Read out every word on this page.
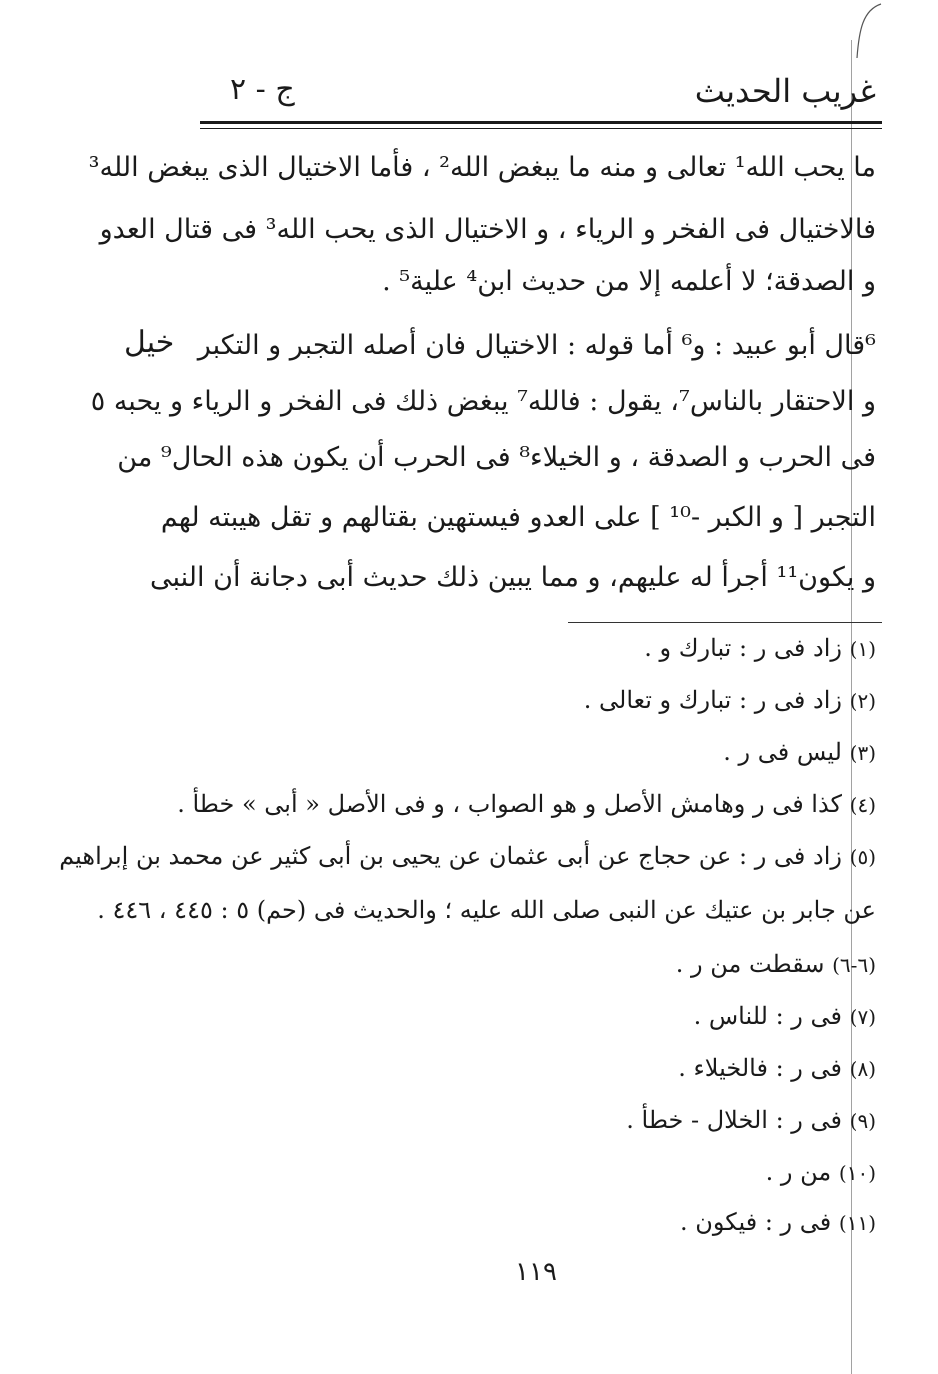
غريب الحديث
ج - ٢
ما يحب الله¹ تعالى و منه ما يبغض الله² ، فأما الاختيال الذى يبغض الله³
فالاختيال فى الفخر و الرياء ، و الاختيال الذى يحب الله³ فى قتال العدو
و الصدقة؛ لا أعلمه إلا من حديث ابن⁴ علية⁵ .
⁶قال أبو عبيد : و⁶ أما قوله : الاختيال فان أصله التجبر و التكبر
و الاحتقار بالناس⁷، يقول : فالله⁷ يبغض ذلك فى الفخر و الرياء و يحبه ٥
فى الحرب و الصدقة ، و الخيلاء⁸ فى الحرب أن يكون هذه الحال⁹ من
التجبر [ و الكبر -¹⁰ ] على العدو فيستهين بقتالهم و تقل هيبته لهم
و يكون¹¹ أجرأ له عليهم، و مما يبين ذلك حديث أبى دجانة أن النبى
خيل
(١) زاد فى ر : تبارك و .
(٢) زاد فى ر : تبارك و تعالى .
(٣) ليس فى ر .
(٤) كذا فى ر وهامش الأصل و هو الصواب ، و فى الأصل « أبى » خطأ .
(٥) زاد فى ر : عن حجاج عن أبى عثمان عن يحيى بن أبى كثير عن محمد بن إبراهيم
عن جابر بن عتيك عن النبى صلى الله عليه ؛ والحديث فى (حم) ٥ : ٤٤٥ ، ٤٤٦ .
(٦-٦) سقطت من ر .
(٧) فى ر : للناس .
(٨) فى ر : فالخيلاء .
(٩) فى ر : الخلال - خطأ .
(١٠) من ر .
(١١) فى ر : فيكون .
١١٩
